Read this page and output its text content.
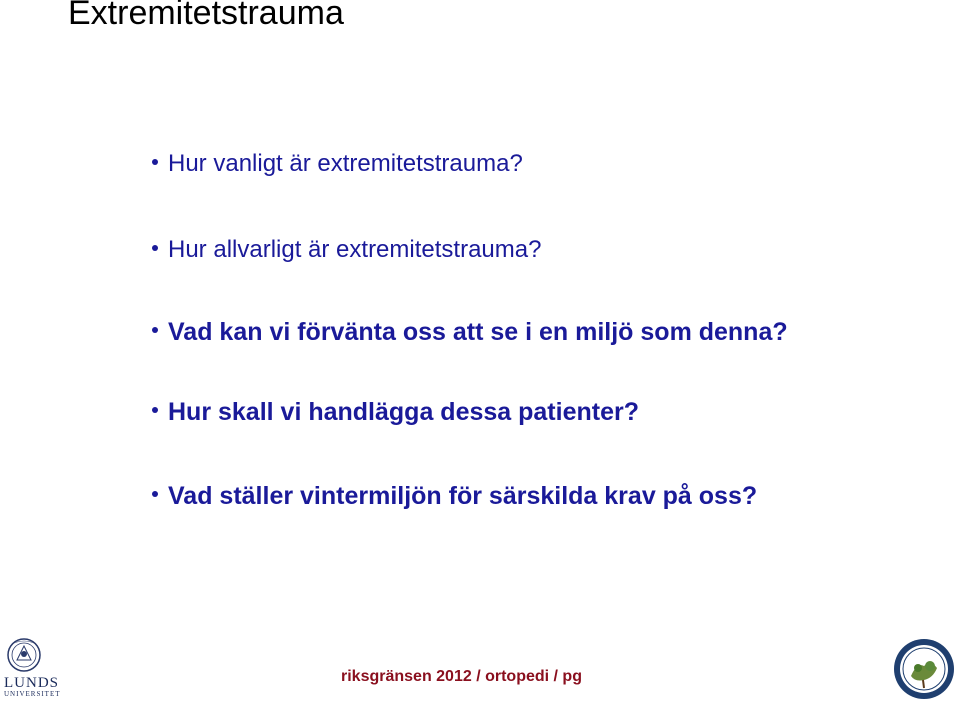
Extremitetstrauma
Hur vanligt är extremitetstrauma?
Hur allvarligt är extremitetstrauma?
Vad kan vi förvänta oss att se i en miljö som denna?
Hur skall vi handlägga dessa patienter?
Vad ställer vintermiljön för särskilda krav på oss?
LUNDS
UNIVERSITET
riksgränsen 2012 / ortopedi / pg
